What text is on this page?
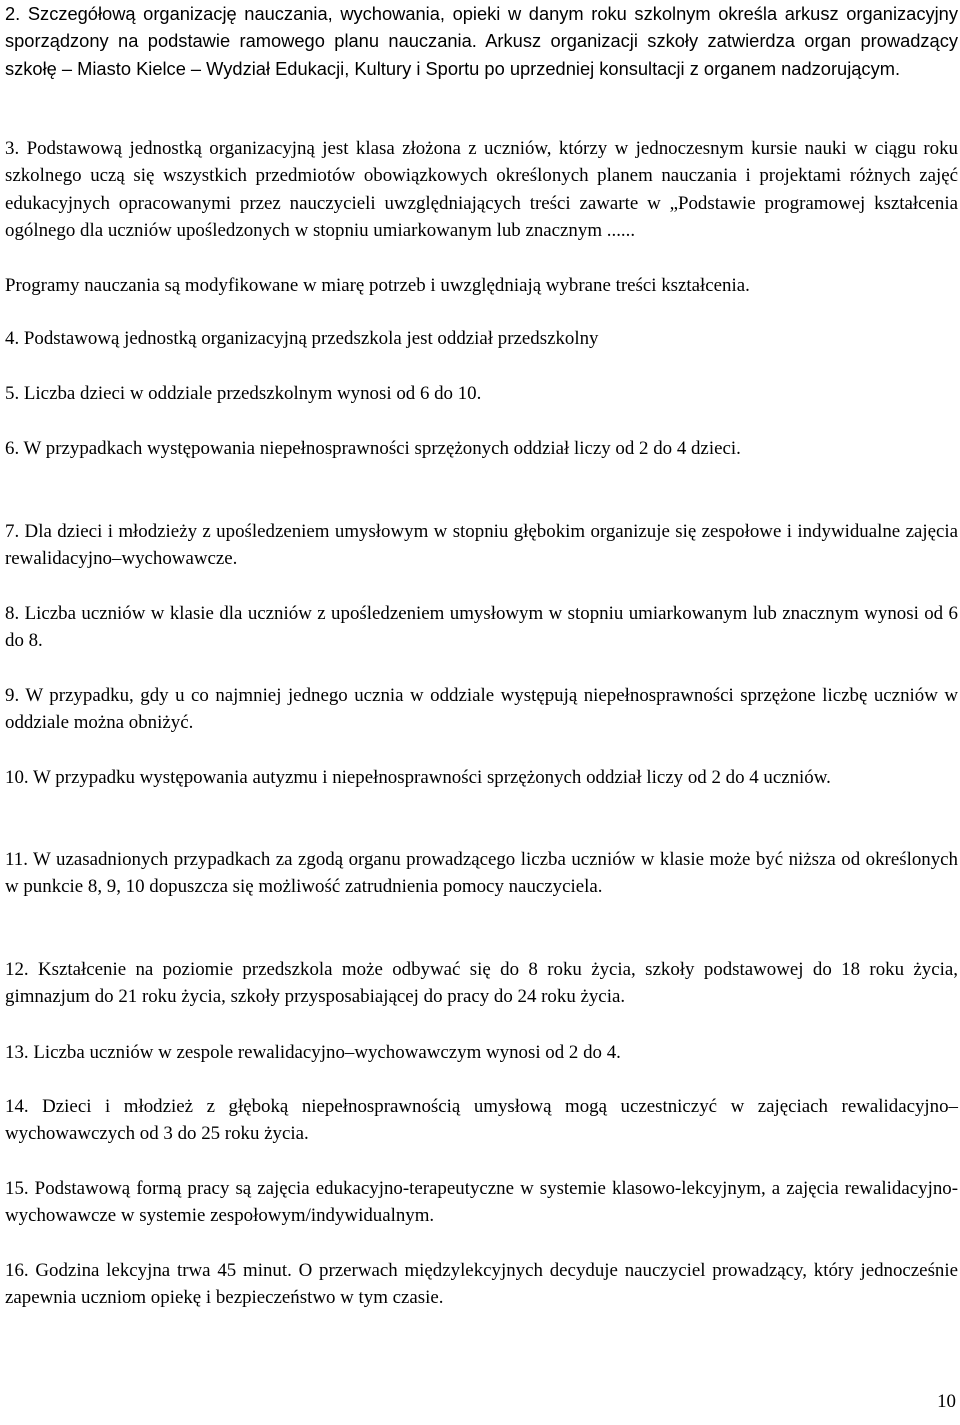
2. Szczegółową organizację nauczania, wychowania, opieki w danym roku szkolnym określa arkusz organizacyjny sporządzony na podstawie ramowego planu nauczania. Arkusz organizacji szkoły zatwierdza organ prowadzący szkołę – Miasto Kielce – Wydział Edukacji, Kultury i Sportu po uprzedniej konsultacji z organem nadzorującym.

3. Podstawową jednostką organizacyjną jest klasa złożona z uczniów, którzy w jednoczesnym kursie nauki w ciągu roku szkolnego uczą się wszystkich przedmiotów obowiązkowych określonych planem nauczania i projektami różnych zajęć edukacyjnych opracowanymi przez nauczycieli uwzględniających treści zawarte w „Podstawie programowej kształcenia ogólnego dla uczniów upośledzonych w stopniu umiarkowanym lub znacznym ......

Programy nauczania są modyfikowane w miarę potrzeb i uwzględniają wybrane treści kształcenia.

4. Podstawową jednostką organizacyjną przedszkola jest oddział przedszkolny

5. Liczba dzieci w oddziale przedszkolnym wynosi od 6 do 10.

6. W przypadkach występowania niepełnosprawności sprzężonych oddział liczy od 2 do 4 dzieci.

7. Dla dzieci i młodzieży z upośledzeniem umysłowym w stopniu głębokim organizuje się zespołowe i indywidualne zajęcia rewalidacyjno–wychowawcze.

8. Liczba uczniów w klasie dla uczniów z upośledzeniem umysłowym w stopniu umiarkowanym lub znacznym wynosi od 6 do 8.

9. W przypadku, gdy u co najmniej jednego ucznia w oddziale występują niepełnosprawności sprzężone liczbę uczniów w oddziale można obniżyć.

10. W przypadku występowania autyzmu i niepełnosprawności sprzężonych oddział liczy od 2 do 4 uczniów.

11. W uzasadnionych przypadkach za zgodą organu prowadzącego liczba uczniów w klasie może być niższa od określonych w punkcie 8, 9, 10 dopuszcza się możliwość zatrudnienia pomocy nauczyciela.

12. Kształcenie na poziomie przedszkola może odbywać się do 8 roku życia, szkoły podstawowej do 18 roku życia, gimnazjum do 21 roku życia, szkoły przysposabiającej do pracy do 24 roku życia.

13. Liczba uczniów w zespole rewalidacyjno–wychowawczym wynosi od 2 do 4.

14. Dzieci i młodzież z głęboką niepełnosprawnością umysłową mogą uczestniczyć w zajęciach rewalidacyjno–wychowawczych od 3 do 25 roku życia.

15. Podstawową formą pracy są zajęcia edukacyjno-terapeutyczne w systemie klasowo-lekcyjnym, a zajęcia rewalidacyjno-wychowawcze w systemie zespołowym/indywidualnym.

16. Godzina lekcyjna trwa 45 minut. O przerwach międzylekcyjnych decyduje nauczyciel prowadzący, który jednocześnie zapewnia uczniom opiekę i bezpieczeństwo w tym czasie.

10
